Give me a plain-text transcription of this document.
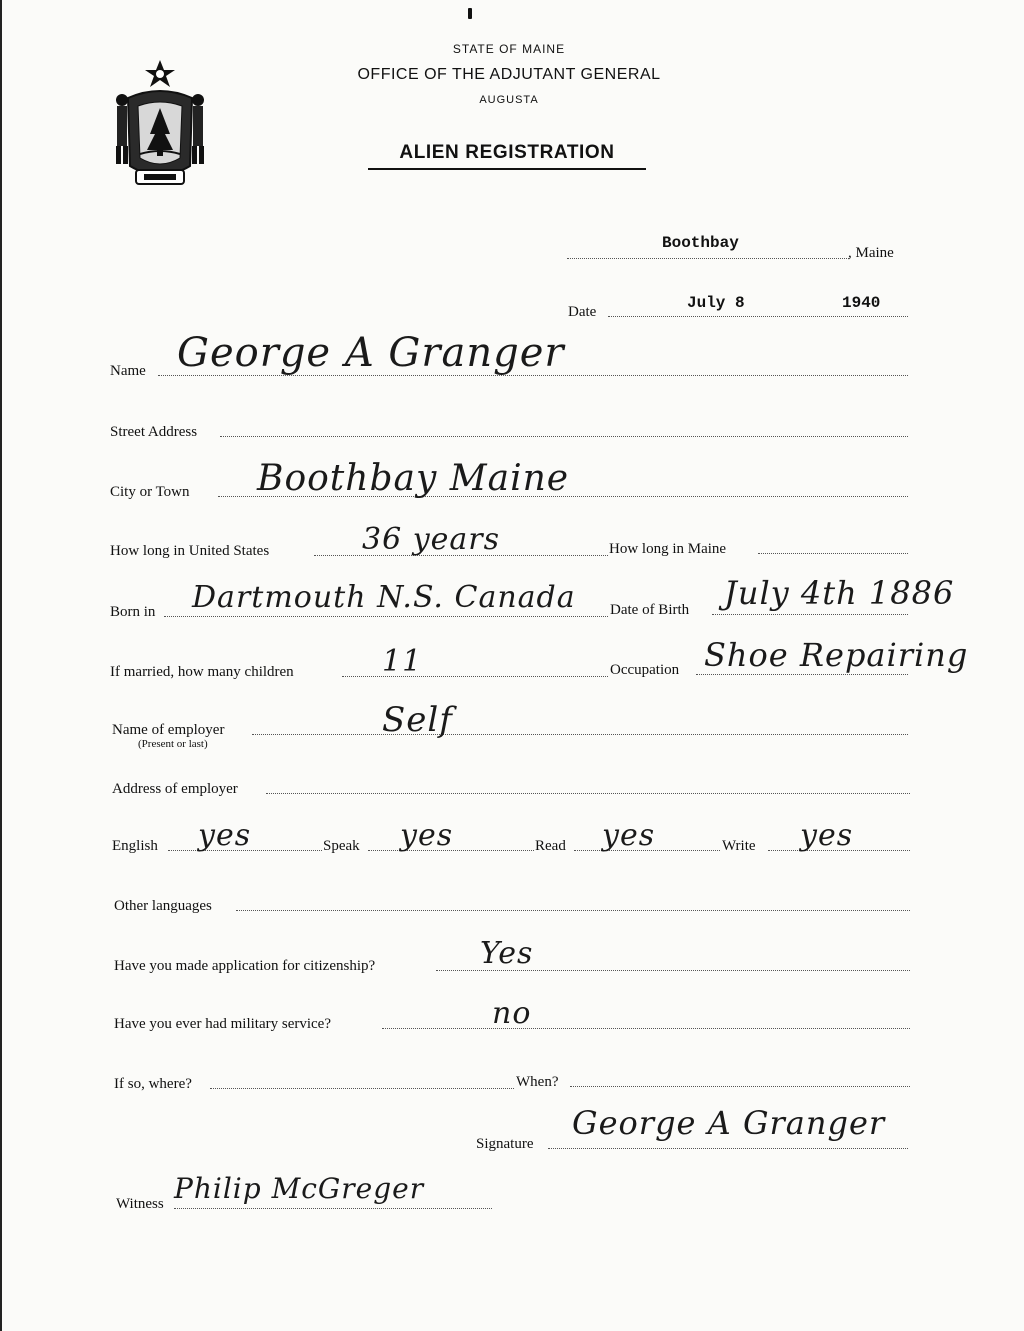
STATE OF MAINE
OFFICE OF THE ADJUTANT GENERAL
AUGUSTA
ALIEN REGISTRATION
Boothbay
, Maine
Date	July 8	1940
Name George A Granger
Street Address
City or Town Boothbay Maine
How long in United States	36 years	How long in Maine
Born in Dartmouth N.S. Canada Date of Birth July 4th 1886
If married, how many children	11	Occupation Shoe Repairing
Name of employer
(Present or last)
Self
Address of employer
English yes	Speak yes	Read yes	Write yes
Other languages
Have you made application for citizenship?	Yes
Have you ever had military service?	no
If so, where?	When?
Signature
George A Granger
Witness Philip McGreger
